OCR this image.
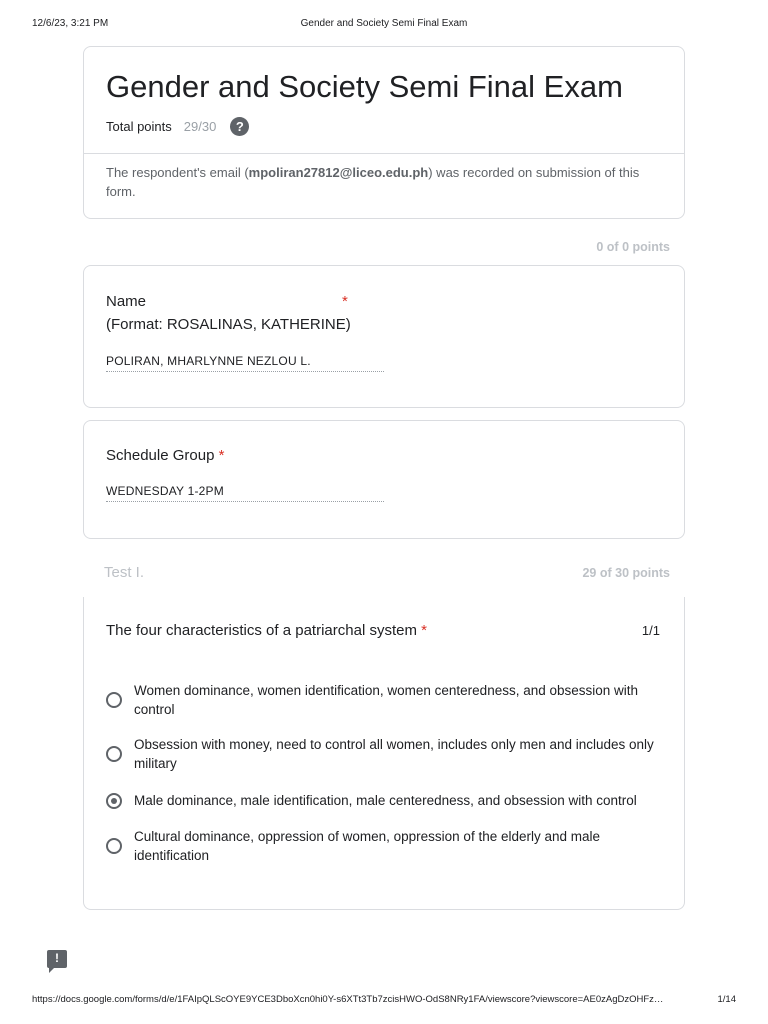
12/6/23, 3:21 PM	Gender and Society Semi Final Exam
Gender and Society Semi Final Exam
Total points 29/30	?
The respondent's email (mpoliran27812@liceo.edu.ph) was recorded on submission of this form.
0 of 0 points
Name	*

(Format: ROSALINAS, KATHERINE)
POLIRAN, MHARLYNNE NEZLOU L.
Schedule Group *
WEDNESDAY 1-2PM
Test I.	29 of 30 points
The four characteristics of a patriarchal system *	1/1
Women dominance, women identification, women centeredness, and obsession with control
Obsession with money, need to control all women, includes only men and includes only military
Male dominance, male identification, male centeredness, and obsession with control
Cultural dominance, oppression of women, oppression of the elderly and male identification
!
https://docs.google.com/forms/d/e/1FAIpQLScOYE9YCE3DboXcn0hi0Y-s6XTt3Tb7zcisHWO-OdS8NRy1FA/viewscore?viewscore=AE0zAgDzOHFz…	1/14
